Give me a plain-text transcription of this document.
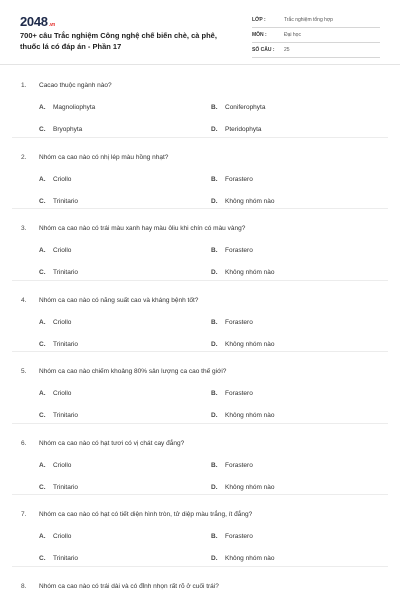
2048.vn
700+ câu Trắc nghiệm Công nghệ chế biến chè, cà phê, thuốc lá có đáp án - Phần 17
LỚP :	Trắc nghiệm tổng hợp
MÔN :	Đại học
SỐ CÂU : 25
1. Cacao thuộc ngành nào?
A. Magnoliophyta	B. Coniferophyta
C. Bryophyta	D. Pteridophyta
2. Nhóm ca cao nào có nhị lép màu hồng nhạt?
A. Criollo	B. Forastero
C. Trinitario	D. Không nhóm nào
3. Nhóm ca cao nào có trái màu xanh hay màu ôliu khi chín có màu vàng?
A. Criollo	B. Forastero
C. Trinitario	D. Không nhóm nào
4. Nhóm ca cao nào có năng suất cao và kháng bệnh tốt?
A. Criollo	B. Forastero
C. Trinitario	D. Không nhóm nào
5. Nhóm ca cao nào chiếm khoảng 80% sản lượng ca cao thế giới?
A. Criollo	B. Forastero
C. Trinitario	D. Không nhóm nào
6. Nhóm ca cao nào có hạt tươi có vị chát cay đắng?
A. Criollo	B. Forastero
C. Trinitario	D. Không nhóm nào
7. Nhóm ca cao nào có hạt có tiết diện hình tròn, tử diệp màu trắng, ít đắng?
A. Criollo	B. Forastero
C. Trinitario	D. Không nhóm nào
8. Nhóm ca cao nào có trái dài và có đỉnh nhọn rất rõ ở cuối trái?
